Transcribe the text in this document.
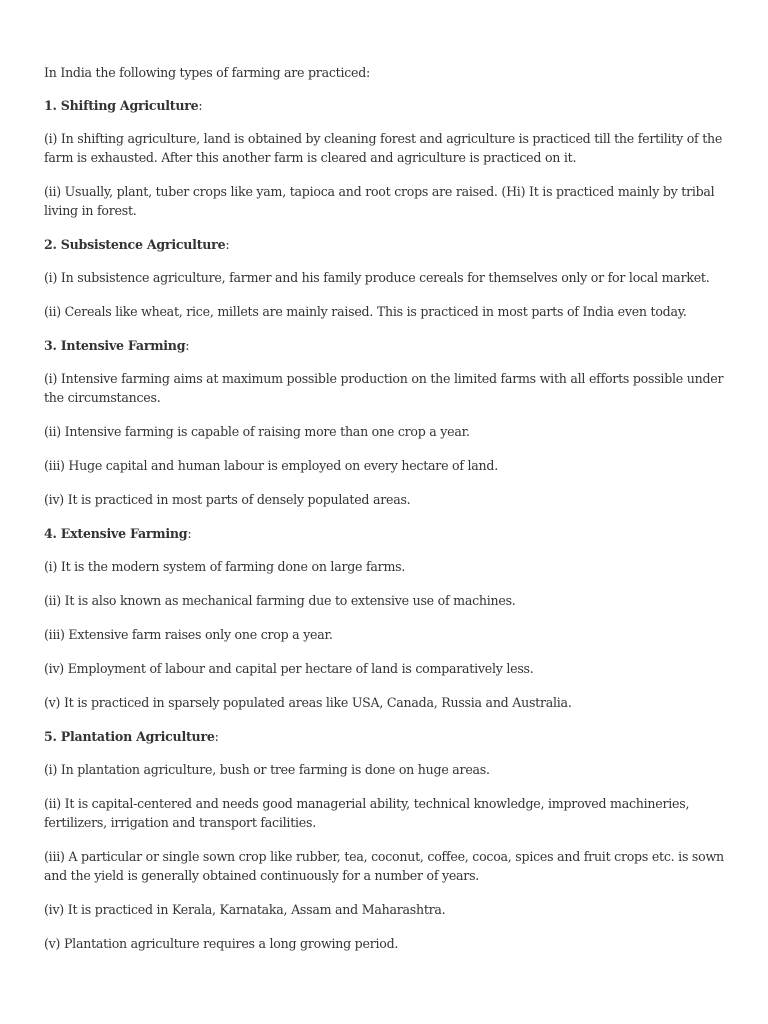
In India the following types of farming are practiced:

1. Shifting Agriculture:

(i) In shifting agriculture, land is obtained by cleaning forest and agriculture is practiced till the fertility of the farm is exhausted. After this another farm is cleared and agriculture is practiced on it.

(ii) Usually, plant, tuber crops like yam, tapioca and root crops are raised. (Hi) It is practiced mainly by tribal living in forest.

2. Subsistence Agriculture:

(i) In subsistence agriculture, farmer and his family produce cereals for themselves only or for local market.

(ii) Cereals like wheat, rice, millets are mainly raised. This is practiced in most parts of India even today.

3. Intensive Farming:

(i) Intensive farming aims at maximum possible production on the limited farms with all efforts possible under the circumstances.

(ii) Intensive farming is capable of raising more than one crop a year.

(iii) Huge capital and human labour is employed on every hectare of land.

(iv) It is practiced in most parts of densely populated areas.

4. Extensive Farming:

(i) It is the modern system of farming done on large farms.

(ii) It is also known as mechanical farming due to extensive use of machines.

(iii) Extensive farm raises only one crop a year.

(iv) Employment of labour and capital per hectare of land is comparatively less.

(v) It is practiced in sparsely populated areas like USA, Canada, Russia and Australia.

5. Plantation Agriculture:

(i) In plantation agriculture, bush or tree farming is done on huge areas.

(ii) It is capital-centered and needs good managerial ability, technical knowledge, improved machineries, fertilizers, irrigation and transport facilities.

(iii) A particular or single sown crop like rubber, tea, coconut, coffee, cocoa, spices and fruit crops etc. is sown and the yield is generally obtained continuously for a number of years.

(iv) It is practiced in Kerala, Karnataka, Assam and Maharashtra.

(v) Plantation agriculture requires a long growing period.
